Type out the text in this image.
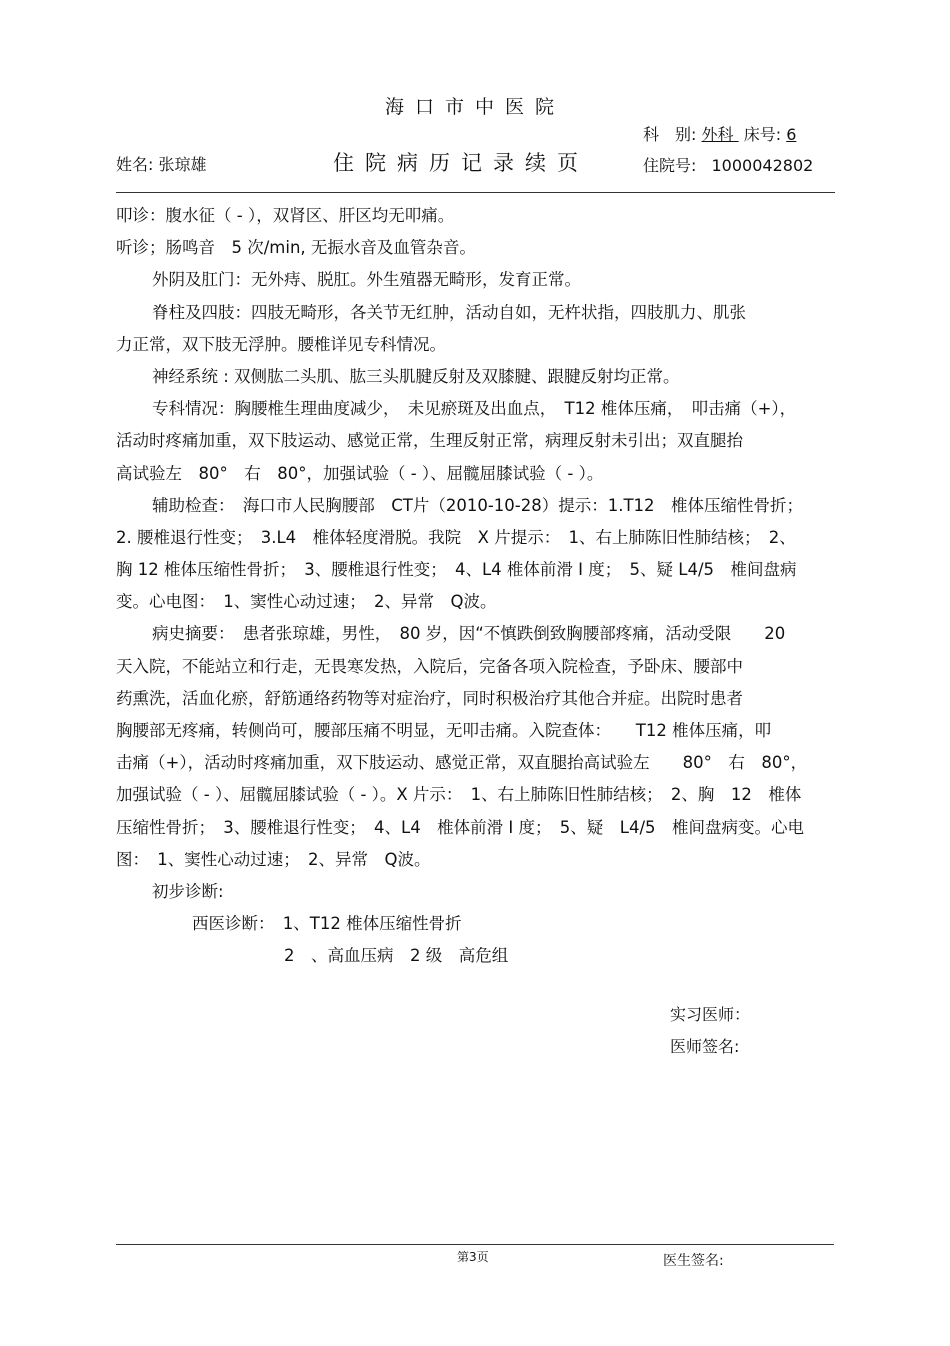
海口市中医院
科　别: 外科 床号: 6
姓名: 张琼雄	住院病历记录续页	住院号: 1000042802
叩诊：腹水征（ - ），双肾区、肝区均无叩痛。
听诊；肠鸣音　5 次/min, 无振水音及血管杂音。
外阴及肛门：无外痔、脱肛。外生殖器无畸形，发育正常。
脊柱及四肢：四肢无畸形，各关节无红肿，活动自如，无杵状指，四肢肌力、肌张
力正常，双下肢无浮肿。腰椎详见专科情况。
神经系统 : 双侧肱二头肌、肱三头肌腱反射及双膝腱、跟腱反射均正常。
专科情况：胸腰椎生理曲度减少，　未见瘀斑及出血点，　T12 椎体压痛，　叩击痛（+），
活动时疼痛加重，双下肢运动、感觉正常，生理反射正常，病理反射未引出；双直腿抬
高试验左　80°　右　80°，加强试验（ - ）、屈髋屈膝试验（ - ）。
辅助检查：　海口市人民胸腰部　CT片（2010-10-28）提示：1.T12　椎体压缩性骨折；
2. 腰椎退行性变；　3.L4　椎体轻度滑脱。我院　X 片提示：　1、右上肺陈旧性肺结核；　2、
胸 12 椎体压缩性骨折；　3、腰椎退行性变；　4、L4 椎体前滑 I 度；　5、疑 L4/5　椎间盘病
变。心电图：　1、窦性心动过速；　2、异常　Q波。
病史摘要：　患者张琼雄，男性，　80 岁，因“不慎跌倒致胸腰部疼痛，活动受限　　20
天入院，不能站立和行走，无畏寒发热，入院后，完备各项入院检查，予卧床、腰部中
药熏洗，活血化瘀，舒筋通络药物等对症治疗，同时积极治疗其他合并症。出院时患者
胸腰部无疼痛，转侧尚可，腰部压痛不明显，无叩击痛。入院查体：　　T12 椎体压痛，叩
击痛（+），活动时疼痛加重，双下肢运动、感觉正常，双直腿抬高试验左　　80°　右　80°，
加强试验（ - ）、屈髋屈膝试验（ - ）。X 片示：　1、右上肺陈旧性肺结核；　2、胸　12　椎体
压缩性骨折；　3、腰椎退行性变；　4、L4　椎体前滑 I 度；　5、疑　L4/5　椎间盘病变。心电
图：　1、窦性心动过速；　2、异常　Q波。
初步诊断:
西医诊断：　1、T12 椎体压缩性骨折
2　、高血压病　2 级　高危组
实习医师：
医师签名:
第3页	医生签名:
